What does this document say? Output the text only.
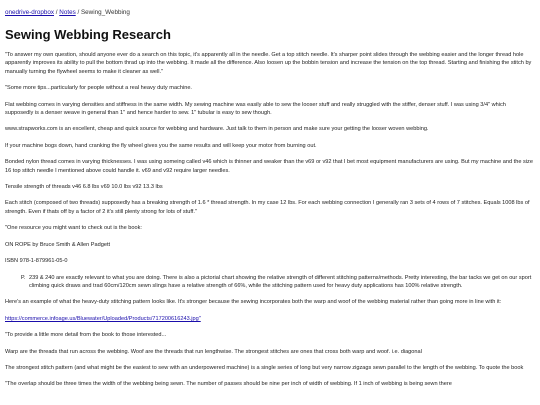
onedrive-dropbox / Notes / Sewing_Webbing
Sewing Webbing Research

"To answer my own question, should anyone ever do a search on this topic, it's apparently all in the needle. Get a top stitch needle. It's sharper point slides through the webbing easier and the longer thread hole apparently improves its ability to pull the bottom thrad up into the webbing. It made all the difference. Also loosen up the bobbin tension and increase the tension on the top thread. Starting and finishing the stitch by manually turning the flywheel seems to make it cleaner as well."

"Some more tips...particularly for people without a real heavy duty machine.

Flat webbing comes in varying densities and stiffness in the same width. My sewing machine was easily able to sew the looser stuff and really struggled with the stiffer, denser stuff. I was using 3/4" which supposedly is a denser weave in general than 1" and hence harder to sew. 1" tubular is easy to sew though.

www.strapworks.com is an excellent, cheap and quick source for webbing and hardware. Just talk to them in person and make sure your getting the looser woven webbing.

If your machine bogs down, hand cranking the fly wheel gives you the same results and will keep your motor from burning out.

Bonded nylon thread comes in varying thicknesses. I was using someing called v46 which is thinner and weaker than the v69 or v92 that I bet most equipment manufacturers are using. But my machine and the size 16 top stitch needle I mentioned above could handle it. v69 and v92 require larger needles.

Tensile strength of threads v46 6.8 lbs v69 10.0 lbs v92 13.3 lbs

Each stitch (composed of two threads) supposedly has a breaking strength of 1.6 * thread strength. In my case 12 lbs. For each webbing connection I generally ran 3 sets of 4 rows of 7 stitches. Equals 1008 lbs of strength. Even if thats off by a factor of 2 it's still plenty strong for lots of stuff."

"One resource you might want to check out is the book:

ON ROPE by Bruce Smith & Allen Padgett

ISBN 978-1-879961-05-0

P. 239 & 240 are exactly relevant to what you are doing. There is also a pictorial chart showing the relative strength of different stitching patterns/methods. Pretty interesting, the bar tacks we get on our sport climbing quick draws and trad 60cm/120cm sewn slings have a relative strength of 66%, while the stitching pattern used for heavy duty applications has 100% relative strength.

Here's an example of what the heavy-duty stitching pattern looks like. It's stronger because the sewing incorporates both the warp and woof of the webbing material rather than going more in line with it:

https://commerce.infoage.us/Bluewater/Uploaded/Products/717200616243.jpg"

"To provide a little more detail from the book to those interested...

Warp are the threads that run across the webbing. Woof are the threads that run lengthwise. The strongest stitches are ones that cross both warp and woof. i.e. diagonal

The strongest stitch pattern (and what might be the easiest to sew with an underpowered machine) is a single series of long but very narrow zigzags sewn parallel to the length of the webbing. To quote the book

"The overlap should be three times the width of the webbing being sewn. The number of passes should be nine per inch of width of webbing. If 1 inch of webbing is being sewn there
